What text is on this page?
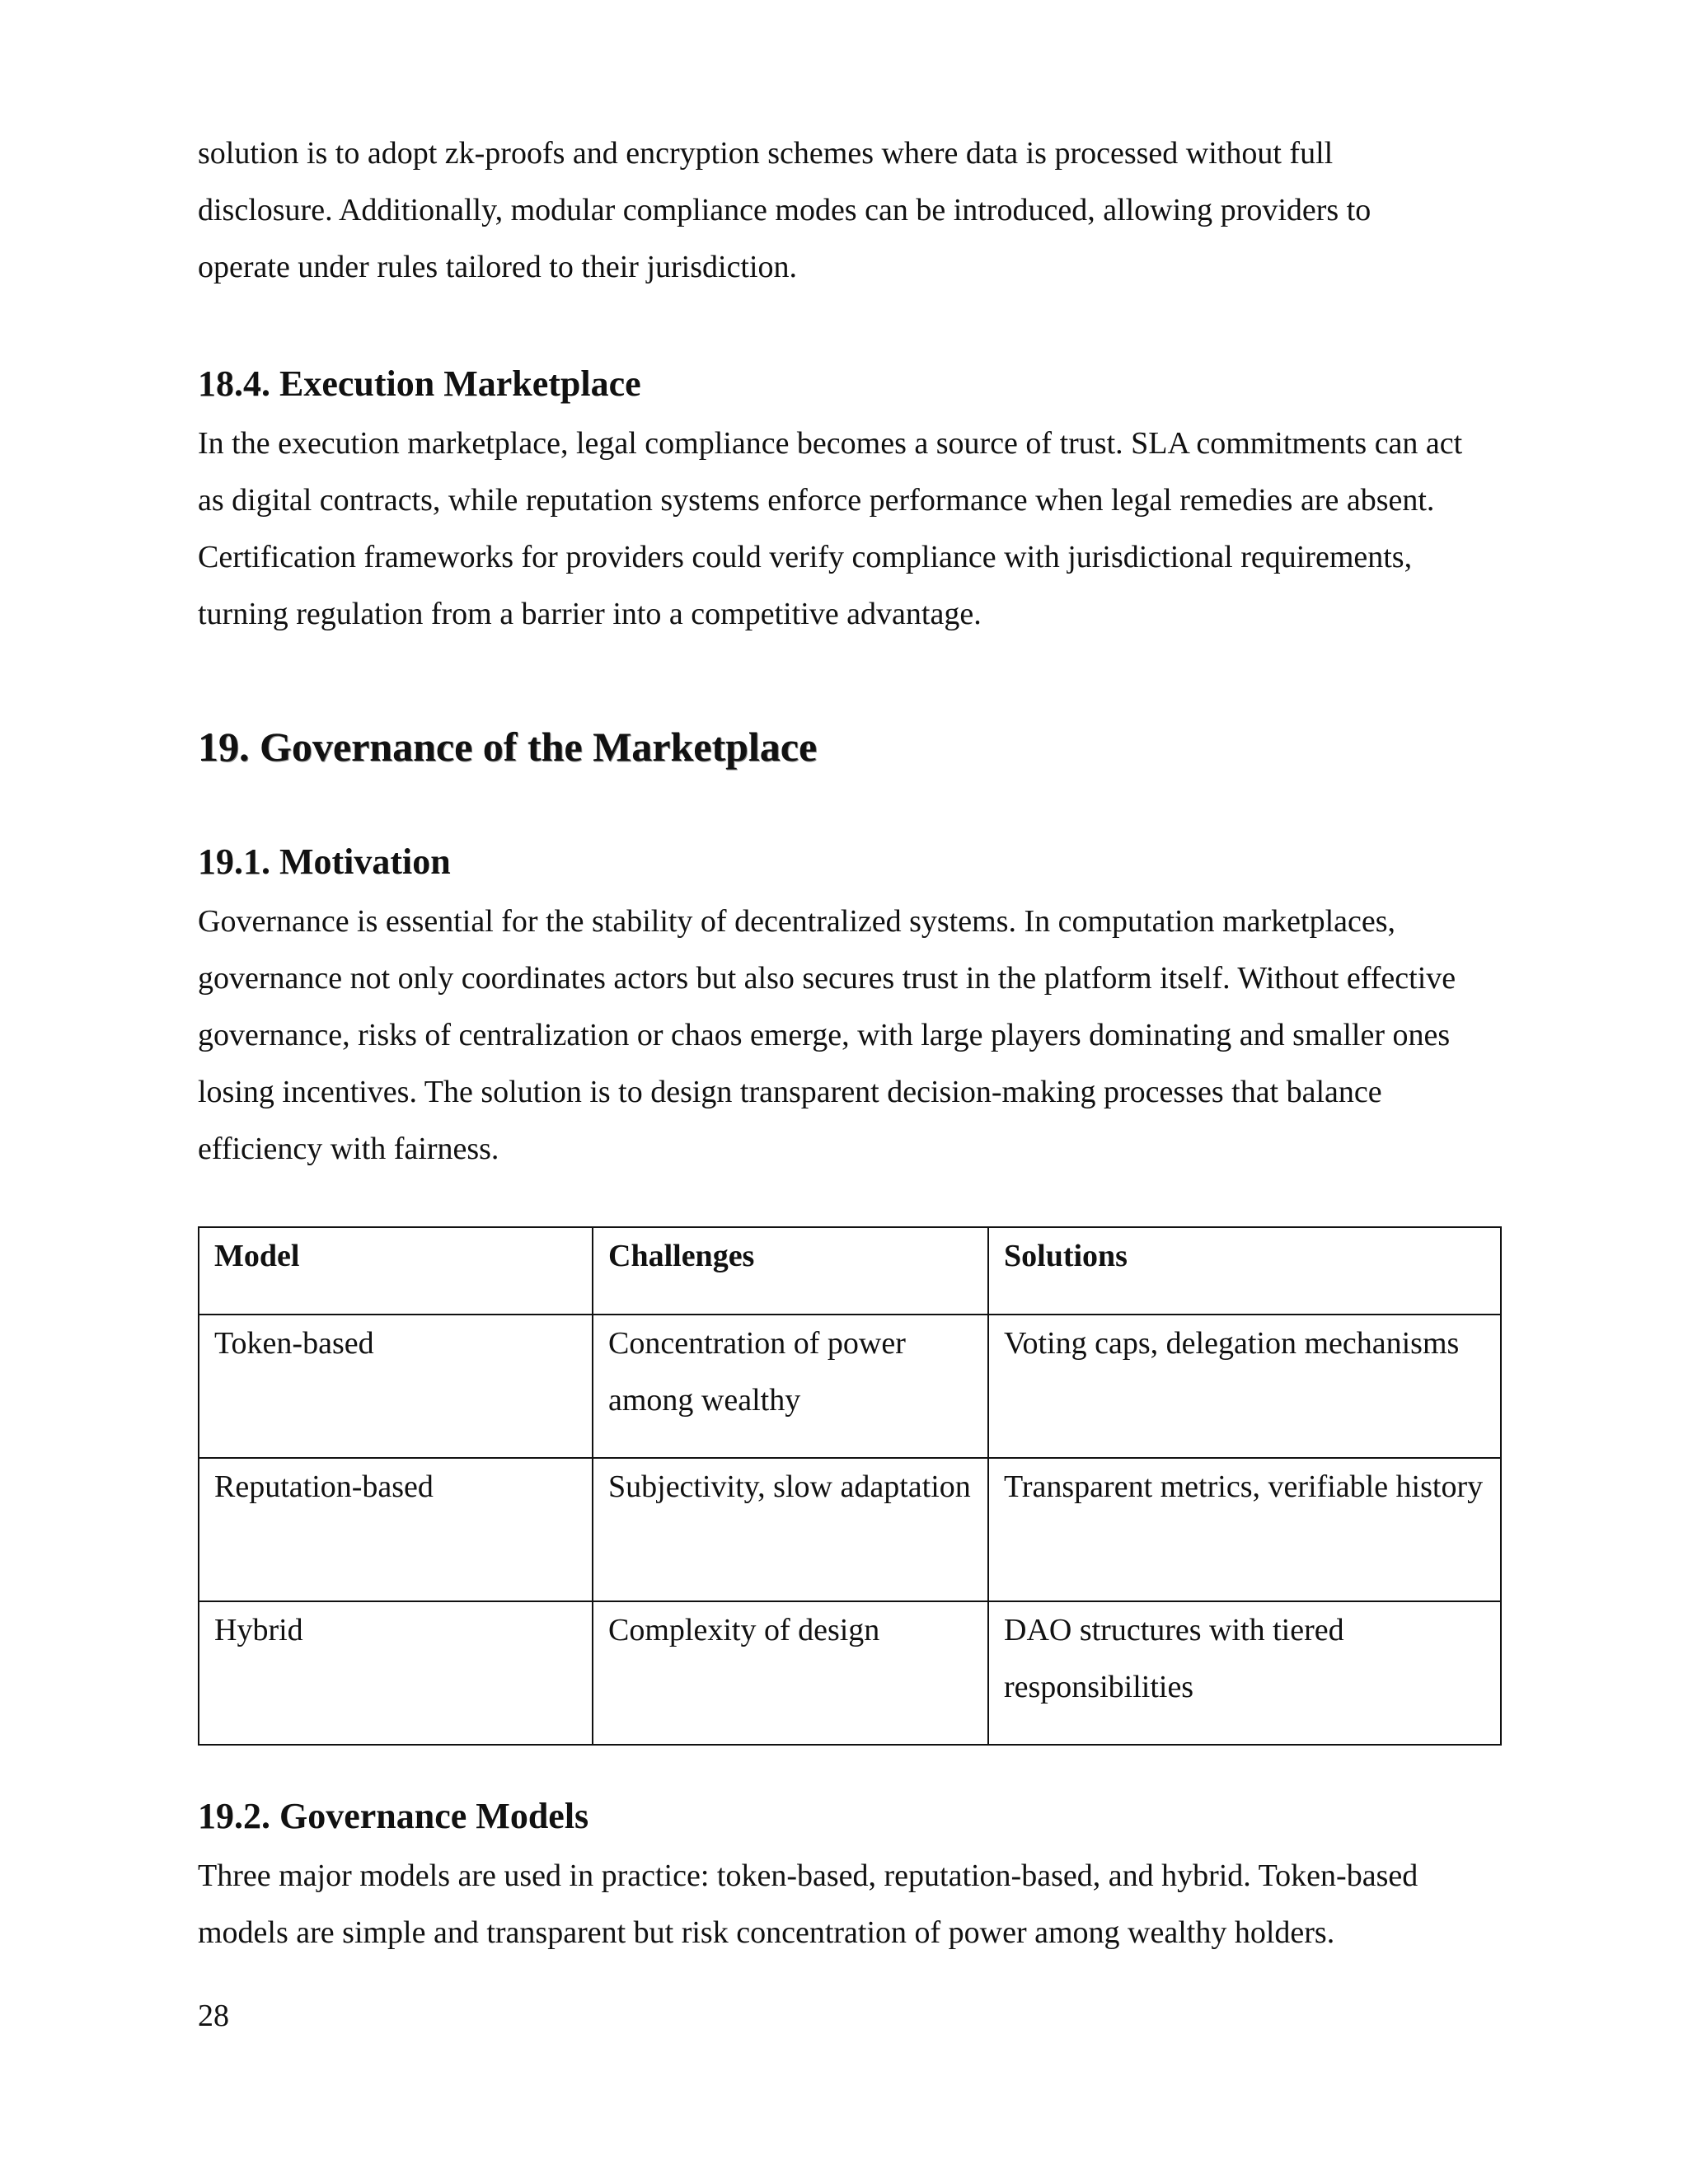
solution is to adopt zk-proofs and encryption schemes where data is processed without full disclosure. Additionally, modular compliance modes can be introduced, allowing providers to operate under rules tailored to their jurisdiction.

18.4. Execution Marketplace

In the execution marketplace, legal compliance becomes a source of trust. SLA commitments can act as digital contracts, while reputation systems enforce performance when legal remedies are absent. Certification frameworks for providers could verify compliance with jurisdictional requirements, turning regulation from a barrier into a competitive advantage.

19. Governance of the Marketplace
19.1. Motivation

Governance is essential for the stability of decentralized systems. In computation marketplaces, governance not only coordinates actors but also secures trust in the platform itself. Without effective governance, risks of centralization or chaos emerge, with large players dominating and smaller ones losing incentives. The solution is to design transparent decision-making processes that balance efficiency with fairness.

Model	Challenges	Solutions
Token-based	Concentration of power among wealthy	Voting caps, delegation mechanisms
Reputation-based	Subjectivity, slow adaptation	Transparent metrics, verifiable history
Hybrid	Complexity of design	DAO structures with tiered responsibilities
19.2. Governance Models

Three major models are used in practice: token-based, reputation-based, and hybrid. Token-based models are simple and transparent but risk concentration of power among wealthy holders.

28
